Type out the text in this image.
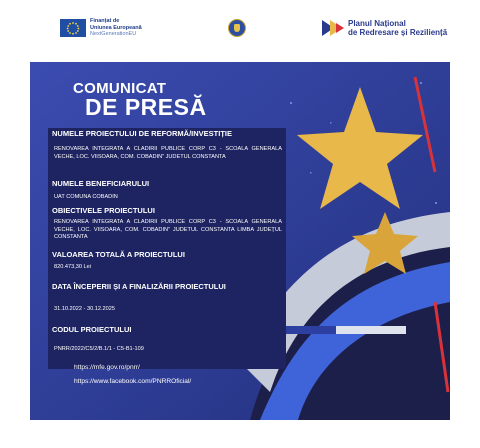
Finanțat de
Uniunea Europeană
NextGenerationEU
Planul Național
de Redresare și Reziliență
COMUNICAT
DE PRESĂ
NUMELE PROIECTULUI DE REFORMĂ/INVESTIȚIE
RENOVAREA INTEGRATA A CLADIRII PUBLICE CORP C3 - SCOALA GENERALA VECHE, LOC. VIISOARA, COM. COBADIN” JUDETUL CONSTANTA
NUMELE BENEFICIARULUI
UAT COMUNA COBADIN
OBIECTIVELE PROIECTULUI
RENOVAREA INTEGRATA A CLADIRII PUBLICE CORP C3 - SCOALA GENERALA VECHE, LOC. VIISOARA, COM. COBADIN” JUDETUL CONSTANTA LIMBA JUDEȚUL CONSTANTA
VALOAREA TOTALĂ A PROIECTULUI
820.473,30 Lei
DATA ÎNCEPERII ȘI A FINALIZĂRII PROIECTULUI
31.10.2022 - 30.12.2025
CODUL PROIECTULUI
PNRR/2022/C5/2/B.1/1 - C5-B1-109
https://mfe.gov.ro/pnrr/
https://www.facebook.com/PNRROficial/
